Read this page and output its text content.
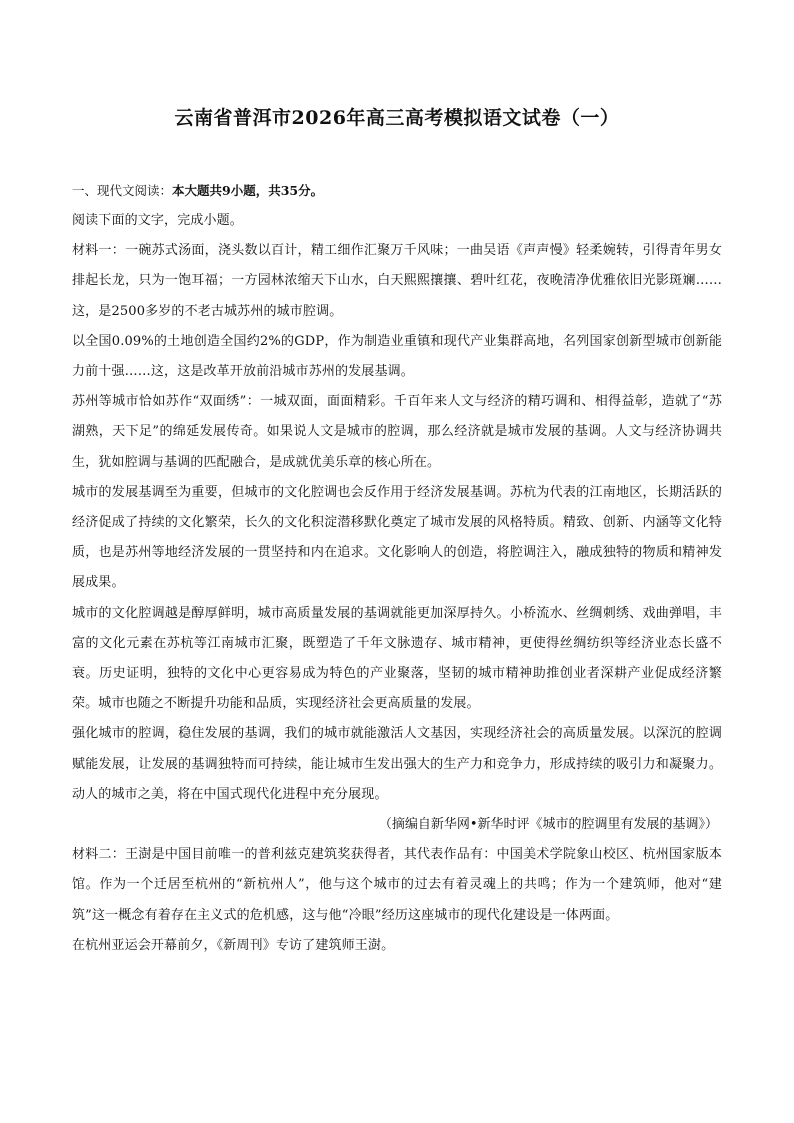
云南省普洱市2026年高三高考模拟语文试卷（一）

一、现代文阅读：本大题共9小题，共35分。

阅读下面的文字，完成小题。

材料一：一碗苏式汤面，浇头数以百计，精工细作汇聚万千风味；一曲吴语《声声慢》轻柔婉转，引得青年男女排起长龙，只为一饱耳福；一方园林浓缩天下山水，白天熙熙攘攘、碧叶红花，夜晚清净优雅依旧光影斑斓……这，是2500多岁的不老古城苏州的城市腔调。

以全国0.09%的土地创造全国约2%的GDP，作为制造业重镇和现代产业集群高地，名列国家创新型城市创新能力前十强……这，这是改革开放前沿城市苏州的发展基调。

苏州等城市恰如苏作“双面绣”：一城双面，面面精彩。千百年来人文与经济的精巧调和、相得益彰，造就了“苏湖熟，天下足”的绵延发展传奇。如果说人文是城市的腔调，那么经济就是城市发展的基调。人文与经济协调共生，犹如腔调与基调的匹配融合，是成就优美乐章的核心所在。

城市的发展基调至为重要，但城市的文化腔调也会反作用于经济发展基调。苏杭为代表的江南地区，长期活跃的经济促成了持续的文化繁荣，长久的文化积淀潜移默化奠定了城市发展的风格特质。精致、创新、内涵等文化特质，也是苏州等地经济发展的一贯坚持和内在追求。文化影响人的创造，将腔调注入，融成独特的物质和精神发展成果。

城市的文化腔调越是醇厚鲜明，城市高质量发展的基调就能更加深厚持久。小桥流水、丝绸刺绣、戏曲弹唱，丰富的文化元素在苏杭等江南城市汇聚，既塑造了千年文脉遗存、城市精神，更使得丝绸纺织等经济业态长盛不衰。历史证明，独特的文化中心更容易成为特色的产业聚落，坚韧的城市精神助推创业者深耕产业促成经济繁荣。城市也随之不断提升功能和品质，实现经济社会更高质量的发展。

强化城市的腔调，稳住发展的基调，我们的城市就能激活人文基因，实现经济社会的高质量发展。以深沉的腔调赋能发展，让发展的基调独特而可持续，能让城市生发出强大的生产力和竞争力，形成持续的吸引力和凝聚力。动人的城市之美，将在中国式现代化进程中充分展现。

（摘编自新华网•新华时评《城市的腔调里有发展的基调》）

材料二：王澍是中国目前唯一的普利兹克建筑奖获得者，其代表作品有：中国美术学院象山校区、杭州国家版本馆。作为一个迁居至杭州的“新杭州人”，他与这个城市的过去有着灵魂上的共鸣；作为一个建筑师，他对“建筑”这一概念有着存在主义式的危机感，这与他“冷眼”经历这座城市的现代化建设是一体两面。

在杭州亚运会开幕前夕，《新周刊》专访了建筑师王澍。
